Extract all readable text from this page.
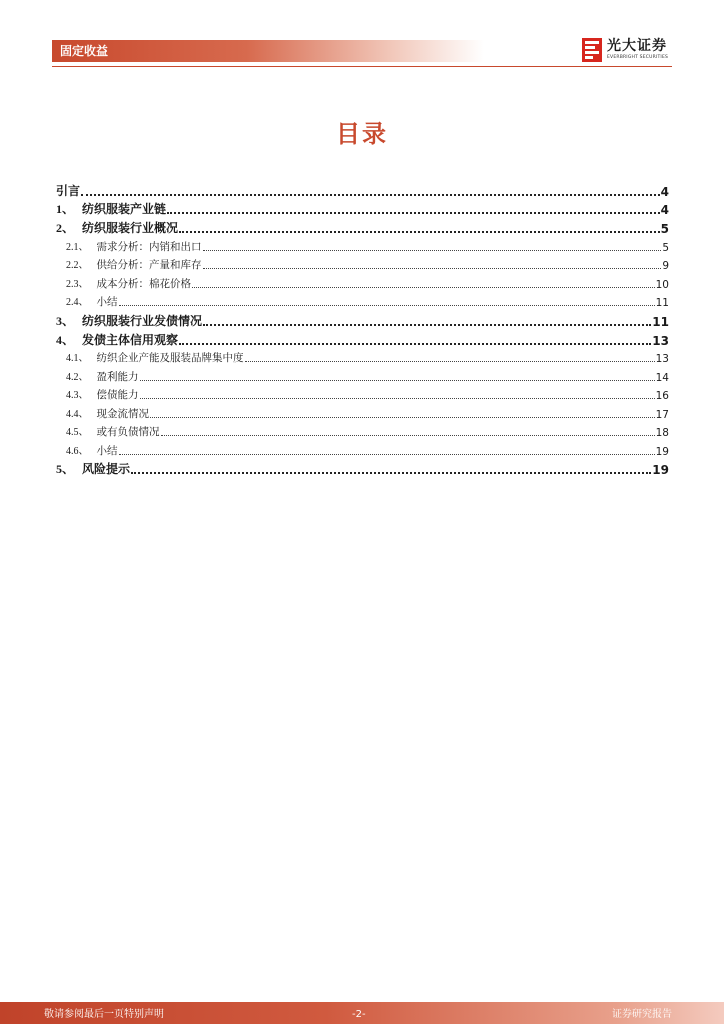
固定收益	光大证券
EVERBRIGHT SECURITIES
目录
引言	4
1、 纺织服装产业链	4
2、 纺织服装行业概况	5
2.1、 需求分析：内销和出口	5
2.2、 供给分析：产量和库存	9
2.3、 成本分析：棉花价格	10
2.4、 小结	11
3、 纺织服装行业发债情况	11
4、 发债主体信用观察	13
4.1、 纺织企业产能及服装品牌集中度	13
4.2、 盈利能力	14
4.3、 偿债能力	16
4.4、 现金流情况	17
4.5、 或有负债情况	18
4.6、 小结	19
5、 风险提示	19
敬请参阅最后一页特别声明	-2-	证券研究报告
